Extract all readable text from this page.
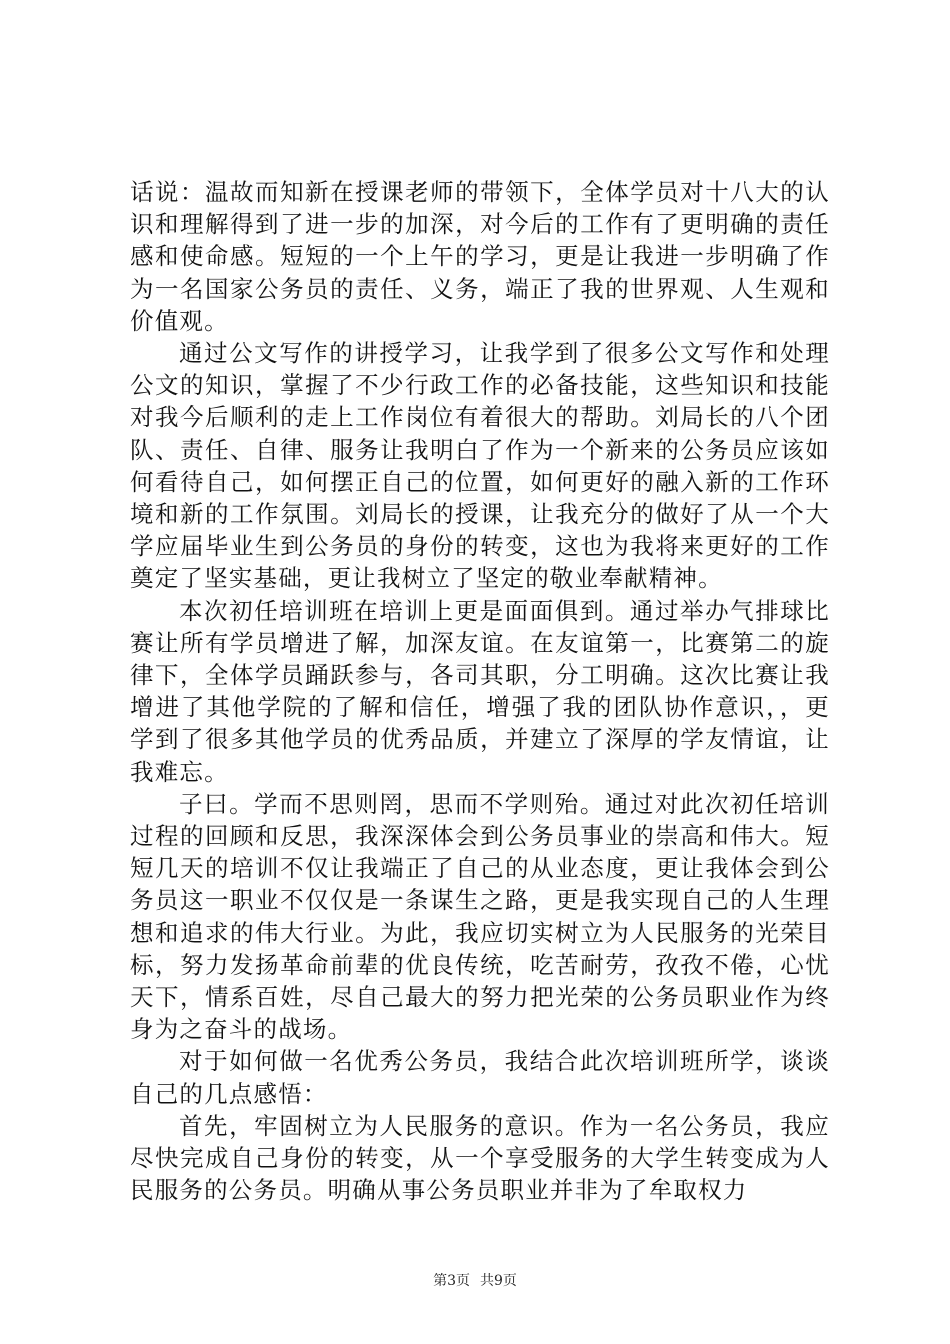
话说：温故而知新在授课老师的带领下，全体学员对十八大的认识和理解得到了进一步的加深，对今后的工作有了更明确的责任感和使命感。短短的一个上午的学习，更是让我进一步明确了作为一名国家公务员的责任、义务，端正了我的世界观、人生观和价值观。

通过公文写作的讲授学习，让我学到了很多公文写作和处理公文的知识，掌握了不少行政工作的必备技能，这些知识和技能对我今后顺利的走上工作岗位有着很大的帮助。刘局长的八个团队、责任、自律、服务让我明白了作为一个新来的公务员应该如何看待自己，如何摆正自己的位置，如何更好的融入新的工作环境和新的工作氛围。刘局长的授课，让我充分的做好了从一个大学应届毕业生到公务员的身份的转变，这也为我将来更好的工作奠定了坚实基础，更让我树立了坚定的敬业奉献精神。

本次初任培训班在培训上更是面面俱到。通过举办气排球比赛让所有学员增进了解，加深友谊。在友谊第一，比赛第二的旋律下，全体学员踊跃参与，各司其职，分工明确。这次比赛让我增进了其他学院的了解和信任，增强了我的团队协作意识，，更学到了很多其他学员的优秀品质，并建立了深厚的学友情谊，让我难忘。

子曰。学而不思则罔，思而不学则殆。通过对此次初任培训过程的回顾和反思，我深深体会到公务员事业的崇高和伟大。短短几天的培训不仅让我端正了自己的从业态度，更让我体会到公务员这一职业不仅仅是一条谋生之路，更是我实现自己的人生理想和追求的伟大行业。为此，我应切实树立为人民服务的光荣目标，努力发扬革命前辈的优良传统，吃苦耐劳，孜孜不倦，心忧天下，情系百姓，尽自己最大的努力把光荣的公务员职业作为终身为之奋斗的战场。

对于如何做一名优秀公务员，我结合此次培训班所学，谈谈自己的几点感悟：

首先，牢固树立为人民服务的意识。作为一名公务员，我应尽快完成自己身份的转变，从一个享受服务的大学生转变成为人民服务的公务员。明确从事公务员职业并非为了牟取权力

第3页 共9页
